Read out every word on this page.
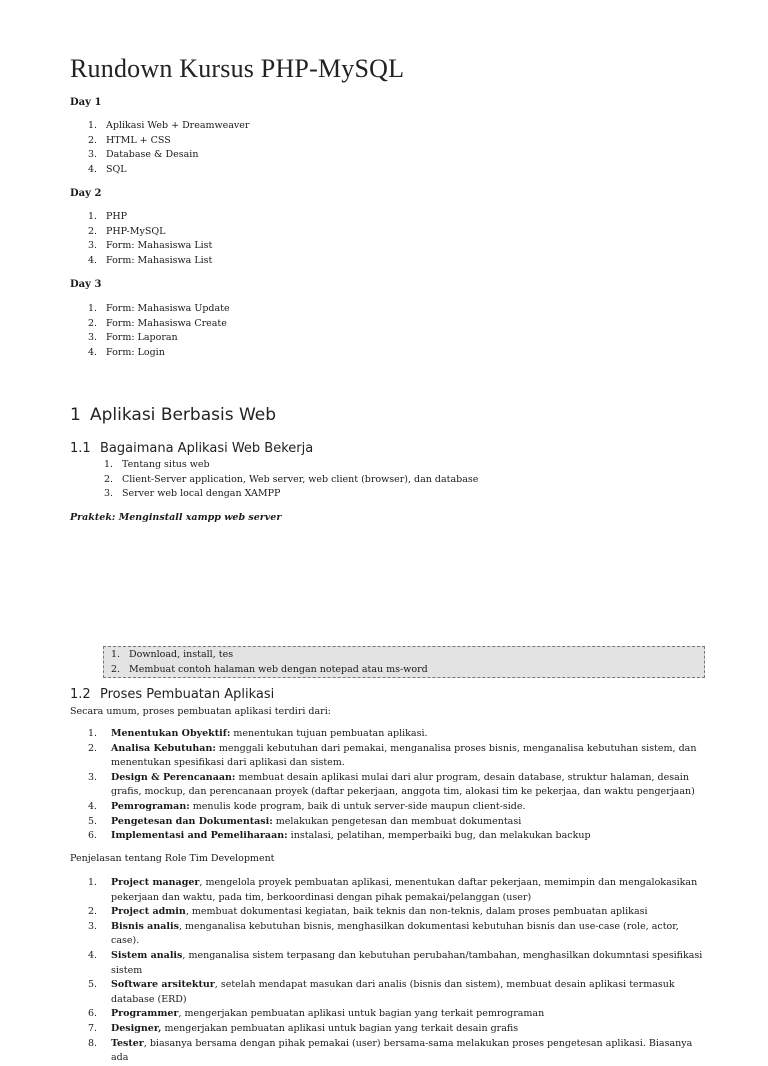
Rundown Kursus PHP-MySQL

Day 1

1. Aplikasi Web + Dreamweaver
2. HTML + CSS
3. Database & Desain
4. SQL

Day 2

1. PHP
2. PHP-MySQL
3. Form: Mahasiswa List
4. Form: Mahasiswa List

Day 3

1. Form: Mahasiswa Update
2. Form: Mahasiswa Create
3. Form: Laporan
4. Form: Login
1 Aplikasi Berbasis Web
1.1 Bagaimana Aplikasi Web Bekerja
1. Tentang situs web
2. Client-Server application, Web server, web client (browser), dan database
3. Server web local dengan XAMPP

Praktek: Menginstall xampp web server

1. Download, install, tes
2. Membuat contoh halaman web dengan notepad atau ms-word
1.2 Proses Pembuatan Aplikasi

Secara umum, proses pembuatan aplikasi terdiri dari:

1. Menentukan Obyektif: menentukan tujuan pembuatan aplikasi.
2. Analisa Kebutuhan: menggali kebutuhan dari pemakai, menganalisa proses bisnis, menganalisa kebutuhan sistem, dan menentukan spesifikasi dari aplikasi dan sistem.
3. Design & Perencanaan: membuat desain aplikasi mulai dari alur program, desain database, struktur halaman, desain grafis, mockup, dan perencanaan proyek (daftar pekerjaan, anggota tim, alokasi tim ke pekerjaa, dan waktu pengerjaan)
4. Pemrograman: menulis kode program, baik di untuk server-side maupun client-side.
5. Pengetesan dan Dokumentasi: melakukan pengetesan dan membuat dokumentasi
6. Implementasi and Pemeliharaan: instalasi, pelatihan, memperbaiki bug, dan melakukan backup

Penjelasan tentang Role Tim Development

1. Project manager, mengelola proyek pembuatan aplikasi, menentukan daftar pekerjaan, memimpin dan mengalokasikan pekerjaan dan waktu, pada tim, berkoordinasi dengan pihak pemakai/pelanggan (user)
2. Project admin, membuat dokumentasi kegiatan, baik teknis dan non-teknis, dalam proses pembuatan aplikasi
3. Bisnis analis, menganalisa kebutuhan bisnis, menghasilkan dokumentasi kebutuhan bisnis dan use-case (role, actor, case).
4. Sistem analis, menganalisa sistem terpasang dan kebutuhan perubahan/tambahan, menghasilkan dokumntasi spesifikasi sistem
5. Software arsitektur, setelah mendapat masukan dari analis (bisnis dan sistem), membuat desain aplikasi termasuk database (ERD)
6. Programmer, mengerjakan pembuatan aplikasi untuk bagian yang terkait pemrograman
7. Designer, mengerjakan pembuatan aplikasi untuk bagian yang terkait desain grafis
8. Tester, biasanya bersama dengan pihak pemakai (user) bersama-sama melakukan proses pengetesan aplikasi. Biasanya ada
